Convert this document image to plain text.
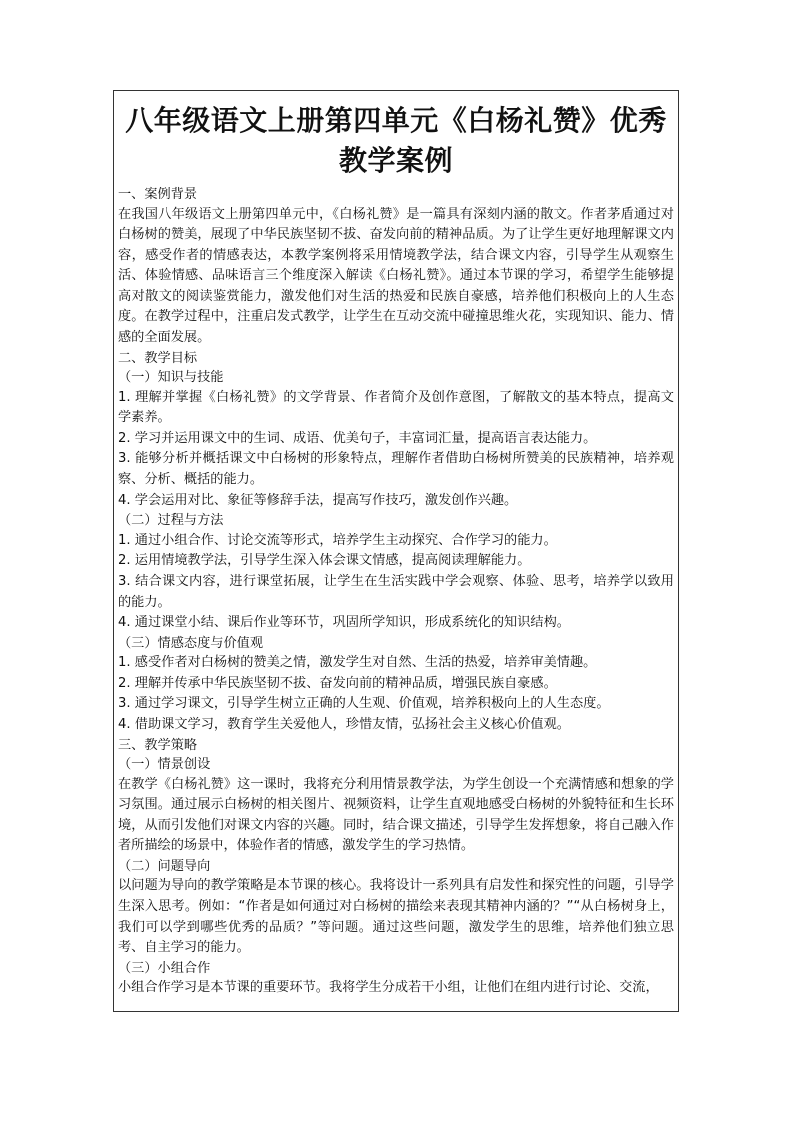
八年级语文上册第四单元《白杨礼赞》优秀教学案例
一、案例背景
在我国八年级语文上册第四单元中，《白杨礼赞》是一篇具有深刻内涵的散文。作者茅盾通过对白杨树的赞美，展现了中华民族坚韧不拔、奋发向前的精神品质。为了让学生更好地理解课文内容，感受作者的情感表达，本教学案例将采用情境教学法，结合课文内容，引导学生从观察生活、体验情感、品味语言三个维度深入解读《白杨礼赞》。通过本节课的学习，希望学生能够提高对散文的阅读鉴赏能力，激发他们对生活的热爱和民族自豪感，培养他们积极向上的人生态度。在教学过程中，注重启发式教学，让学生在互动交流中碰撞思维火花，实现知识、能力、情感的全面发展。
二、教学目标
（一）知识与技能
1. 理解并掌握《白杨礼赞》的文学背景、作者简介及创作意图，了解散文的基本特点，提高文学素养。
2. 学习并运用课文中的生词、成语、优美句子，丰富词汇量，提高语言表达能力。
3. 能够分析并概括课文中白杨树的形象特点，理解作者借助白杨树所赞美的民族精神，培养观察、分析、概括的能力。
4. 学会运用对比、象征等修辞手法，提高写作技巧，激发创作兴趣。
（二）过程与方法
1. 通过小组合作、讨论交流等形式，培养学生主动探究、合作学习的能力。
2. 运用情境教学法，引导学生深入体会课文情感，提高阅读理解能力。
3. 结合课文内容，进行课堂拓展，让学生在生活实践中学会观察、体验、思考，培养学以致用的能力。
4. 通过课堂小结、课后作业等环节，巩固所学知识，形成系统化的知识结构。
（三）情感态度与价值观
1. 感受作者对白杨树的赞美之情，激发学生对自然、生活的热爱，培养审美情趣。
2. 理解并传承中华民族坚韧不拔、奋发向前的精神品质，增强民族自豪感。
3. 通过学习课文，引导学生树立正确的人生观、价值观，培养积极向上的人生态度。
4. 借助课文学习，教育学生关爱他人，珍惜友情，弘扬社会主义核心价值观。
三、教学策略
（一）情景创设
在教学《白杨礼赞》这一课时，我将充分利用情景教学法，为学生创设一个充满情感和想象的学习氛围。通过展示白杨树的相关图片、视频资料，让学生直观地感受白杨树的外貌特征和生长环境，从而引发他们对课文内容的兴趣。同时，结合课文描述，引导学生发挥想象，将自己融入作者所描绘的场景中，体验作者的情感，激发学生的学习热情。
（二）问题导向
以问题为导向的教学策略是本节课的核心。我将设计一系列具有启发性和探究性的问题，引导学生深入思考。例如：“作者是如何通过对白杨树的描绘来表现其精神内涵的？”“从白杨树身上，我们可以学到哪些优秀的品质？”等问题。通过这些问题，激发学生的思维，培养他们独立思考、自主学习的能力。
（三）小组合作
小组合作学习是本节课的重要环节。我将学生分成若干小组，让他们在组内进行讨论、交流，
